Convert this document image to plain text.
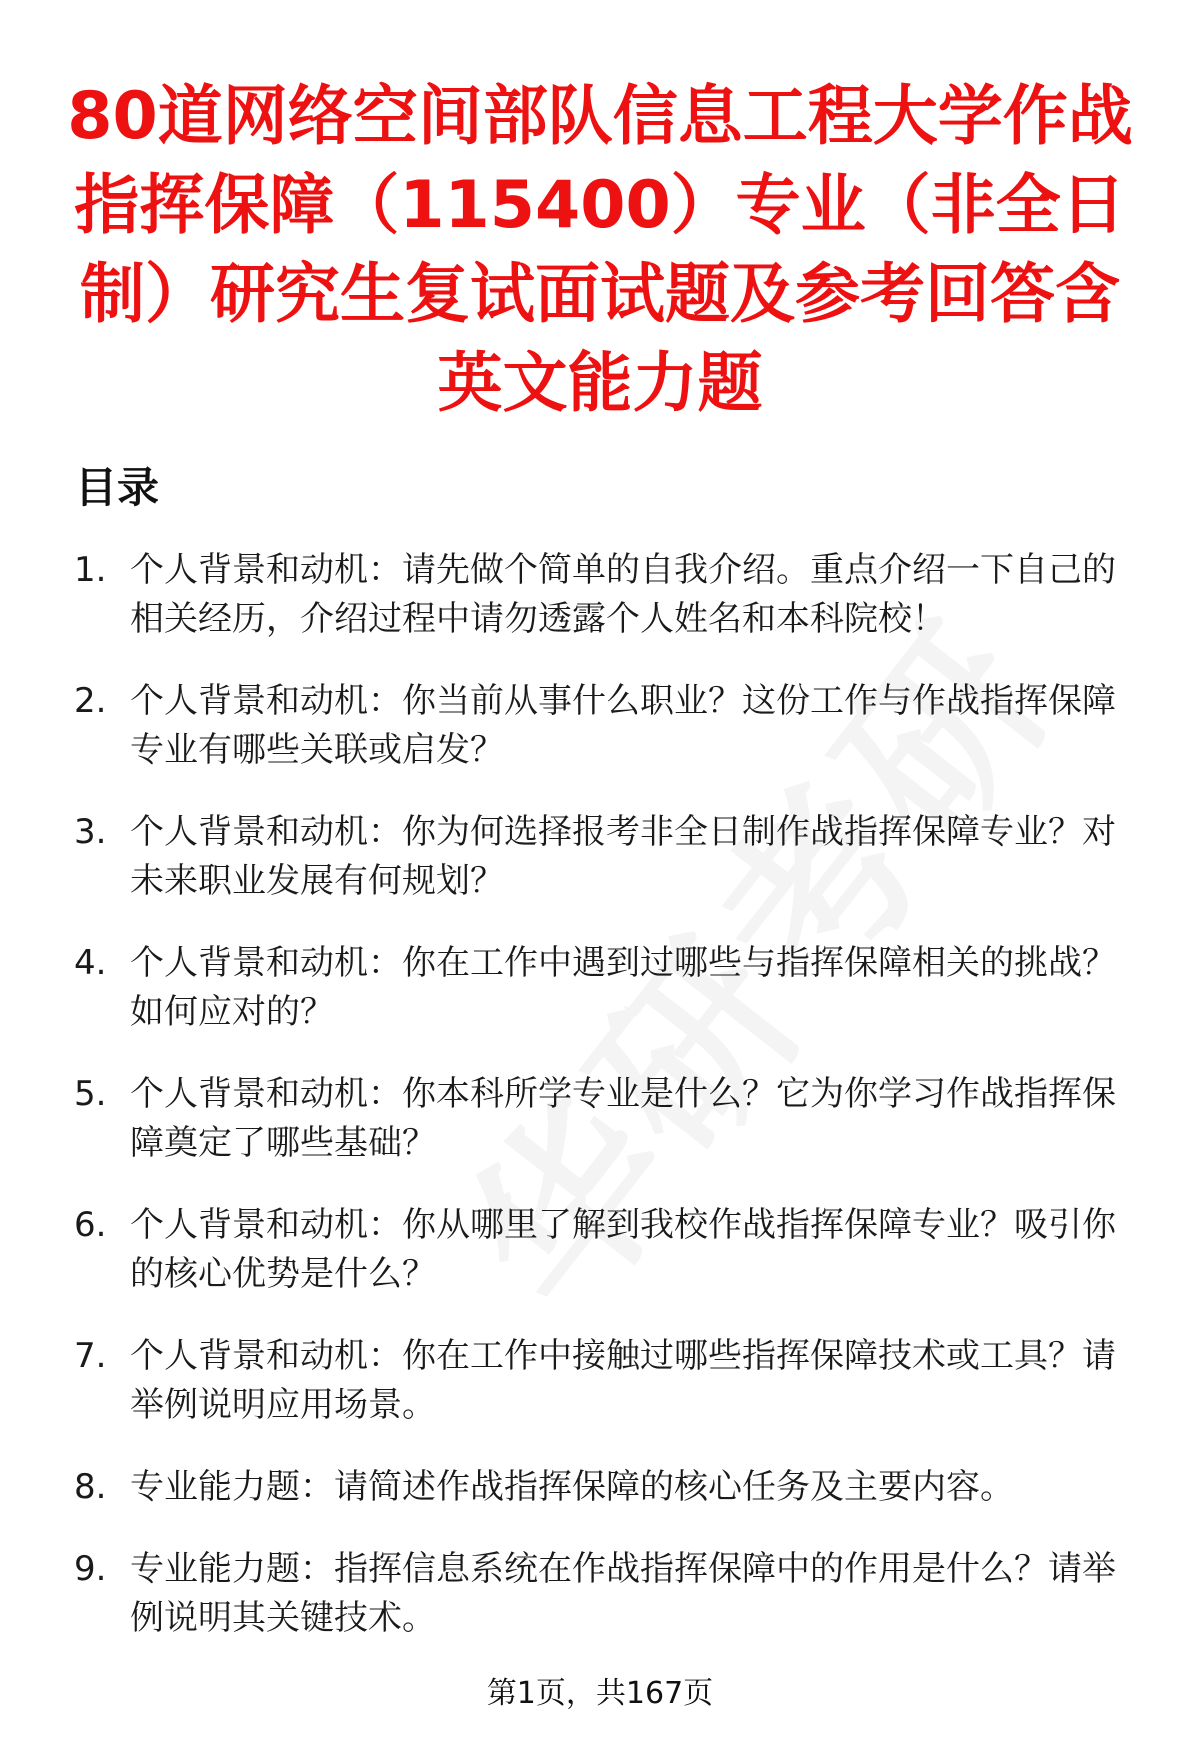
80道网络空间部队信息工程大学作战指挥保障（115400）专业（非全日制）研究生复试面试题及参考回答含英文能力题
目录
1. 个人背景和动机：请先做个简单的自我介绍。重点介绍一下自己的相关经历，介绍过程中请勿透露个人姓名和本科院校！
2. 个人背景和动机：你当前从事什么职业？这份工作与作战指挥保障专业有哪些关联或启发？
3. 个人背景和动机：你为何选择报考非全日制作战指挥保障专业？对未来职业发展有何规划？
4. 个人背景和动机：你在工作中遇到过哪些与指挥保障相关的挑战？如何应对的？
5. 个人背景和动机：你本科所学专业是什么？它为你学习作战指挥保障奠定了哪些基础？
6. 个人背景和动机：你从哪里了解到我校作战指挥保障专业？吸引你的核心优势是什么？
7. 个人背景和动机：你在工作中接触过哪些指挥保障技术或工具？请举例说明应用场景。
8. 专业能力题：请简述作战指挥保障的核心任务及主要内容。
9. 专业能力题：指挥信息系统在作战指挥保障中的作用是什么？请举例说明其关键技术。
第1页，共167页
